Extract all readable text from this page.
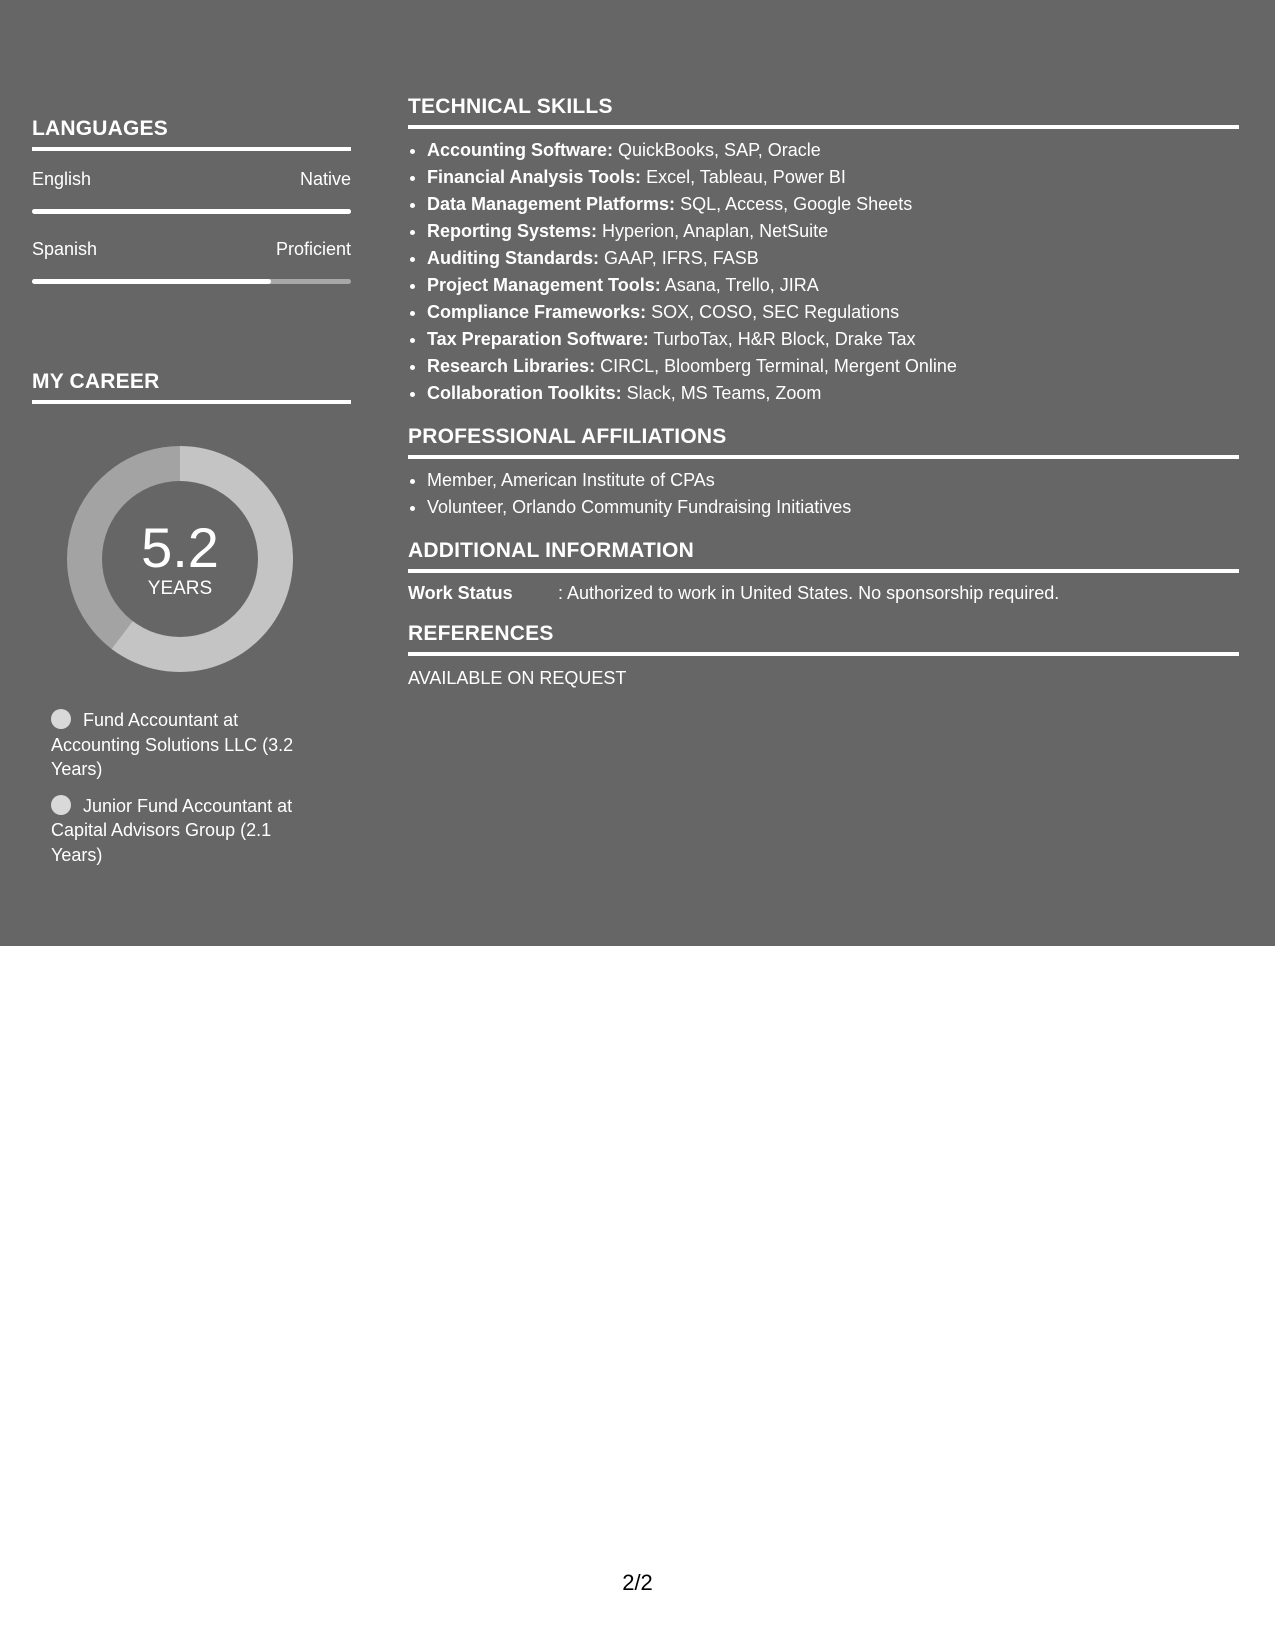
LANGUAGES
English	Native
Spanish	Proficient
MY CAREER
5.2
YEARS
Fund Accountant at Accounting Solutions LLC (3.2 Years)
Junior Fund Accountant at Capital Advisors Group (2.1 Years)
TECHNICAL SKILLS
• Accounting Software: QuickBooks, SAP, Oracle
• Financial Analysis Tools: Excel, Tableau, Power BI
• Data Management Platforms: SQL, Access, Google Sheets
• Reporting Systems: Hyperion, Anaplan, NetSuite
• Auditing Standards: GAAP, IFRS, FASB
• Project Management Tools: Asana, Trello, JIRA
• Compliance Frameworks: SOX, COSO, SEC Regulations
• Tax Preparation Software: TurboTax, H&R Block, Drake Tax
• Research Libraries: CIRCL, Bloomberg Terminal, Mergent Online
• Collaboration Toolkits: Slack, MS Teams, Zoom
PROFESSIONAL AFFILIATIONS
• Member, American Institute of CPAs
• Volunteer, Orlando Community Fundraising Initiatives
ADDITIONAL INFORMATION
Work Status	: Authorized to work in United States. No sponsorship required.
REFERENCES
AVAILABLE ON REQUEST
2/2
